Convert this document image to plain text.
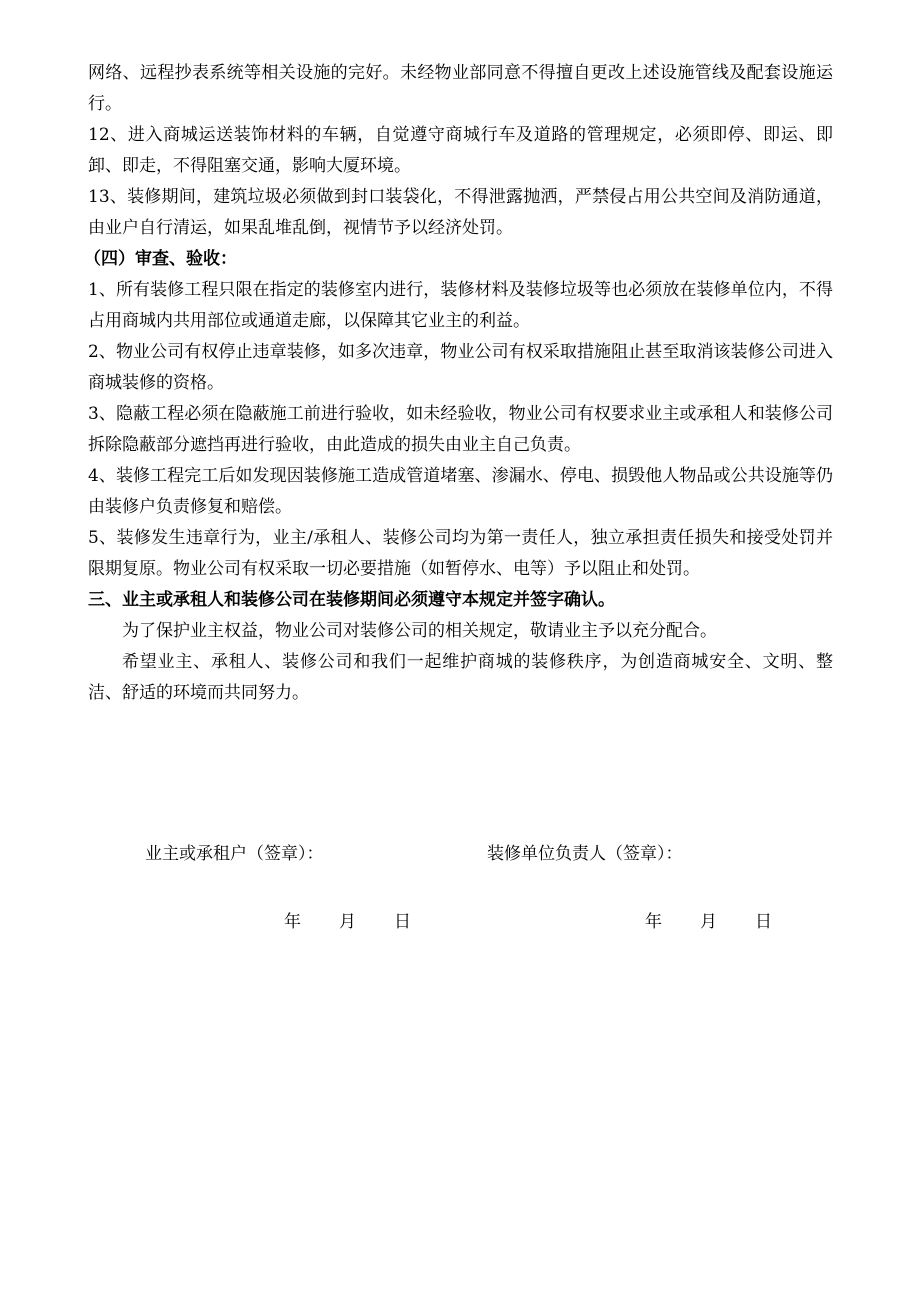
网络、远程抄表系统等相关设施的完好。未经物业部同意不得擅自更改上述设施管线及配套设施运行。

12、进入商城运送装饰材料的车辆，自觉遵守商城行车及道路的管理规定，必须即停、即运、即卸、即走，不得阻塞交通，影响大厦环境。

13、装修期间，建筑垃圾必须做到封口装袋化，不得泄露抛洒，严禁侵占用公共空间及消防通道，由业户自行清运，如果乱堆乱倒，视情节予以经济处罚。

（四）审查、验收：

1、所有装修工程只限在指定的装修室内进行，装修材料及装修垃圾等也必须放在装修单位内，不得占用商城内共用部位或通道走廊，以保障其它业主的利益。

2、物业公司有权停止违章装修，如多次违章，物业公司有权采取措施阻止甚至取消该装修公司进入商城装修的资格。

3、隐蔽工程必须在隐蔽施工前进行验收，如未经验收，物业公司有权要求业主或承租人和装修公司拆除隐蔽部分遮挡再进行验收，由此造成的损失由业主自己负责。

4、装修工程完工后如发现因装修施工造成管道堵塞、渗漏水、停电、损毁他人物品或公共设施等仍由装修户负责修复和赔偿。

5、装修发生违章行为，业主/承租人、装修公司均为第一责任人，独立承担责任损失和接受处罚并限期复原。物业公司有权采取一切必要措施（如暂停水、电等）予以阻止和处罚。

三、业主或承租人和装修公司在装修期间必须遵守本规定并签字确认。

为了保护业主权益，物业公司对装修公司的相关规定，敬请业主予以充分配合。

希望业主、承租人、装修公司和我们一起维护商城的装修秩序，为创造商城安全、文明、整洁、舒适的环境而共同努力。

业主或承租户（签章）：	装修单位负责人（签章）：
年 月 日	年 月 日
